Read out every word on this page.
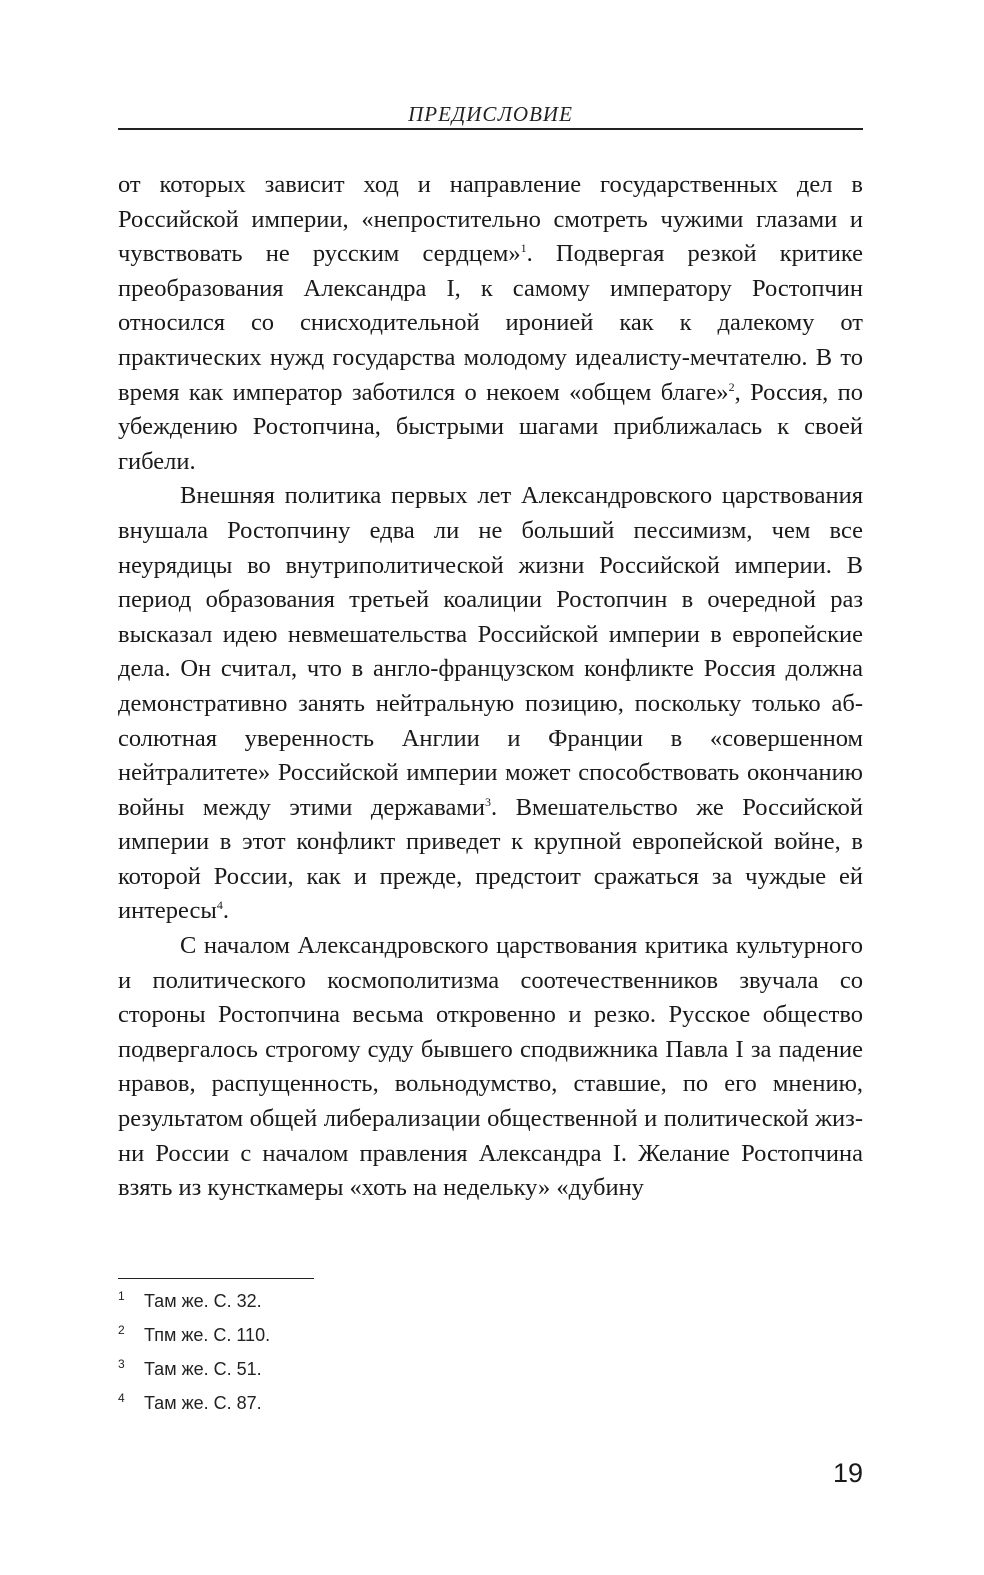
ПРЕДИСЛОВИЕ

от которых зависит ход и направление государственных дел в Российской империи, «непростительно смотреть чужими глазами и чувствовать не русским сердцем»$^1$. Подвергая резкой критике преобразования Александра I, к самому императору Ростопчин относился со снисходительной иронией как к далекому от практических нужд государства молодому идеалисту-мечтателю. В то время как император заботился о некоем «общем благе»$^2$, Россия, по убеждению Ростопчина, быстрыми шагами приближалась к своей гибели.

Внешняя политика первых лет Александровского царствования внушала Ростопчину едва ли не больший пессимизм, чем все неурядицы во внутриполитической жизни Российской империи. В период образования третьей коалиции Ростопчин в очередной раз высказал идею невмешательства Российской империи в европейские дела. Он считал, что в англо-французском конфликте Россия должна демонстративно занять нейтральную позицию, поскольку только абсолютная уверенность Англии и Франции в «совершенном нейтралитете» Российской империи может способствовать окончанию войны между этими державами$^3$. Вмешательство же Российской империи в этот конфликт приведет к крупной европейской войне, в которой России, как и прежде, предстоит сражаться за чуждые ей интересы$^4$.

С началом Александровского царствования критика культурного и политического космополитизма соотечественников звучала со стороны Ростопчина весьма откровенно и резко. Русское общество подвергалось строгому суду бывшего сподвижника Павла I за падение нравов, распущенность, вольнодумство, ставшие, по его мнению, результатом общей либерализации общественной и политической жизни России с началом правления Александра I. Желание Ростопчина взять из кунсткамеры «хоть на недельку» «дубину

1	Там же. С. 32.
2	Тпм же. С. 110.
3	Там же. С. 51.
4	Там же. С. 87.
19
